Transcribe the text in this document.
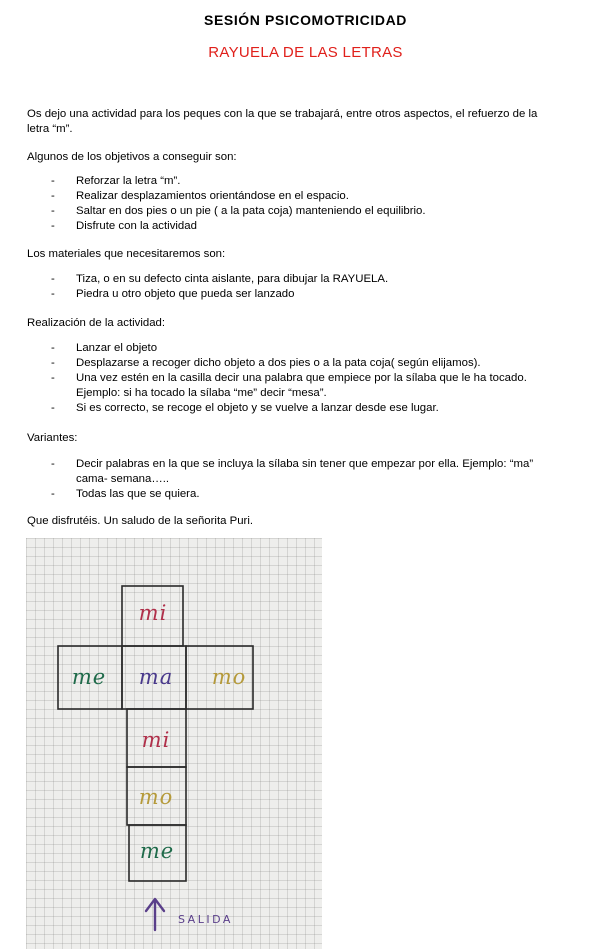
SESIÓN PSICOMOTRICIDAD
RAYUELA DE LAS LETRAS
Os dejo una actividad para los peques con la que se trabajará, entre otros aspectos, el refuerzo de la
letra “m”.
Algunos de los objetivos a conseguir son:
- Reforzar la letra “m”.
- Realizar desplazamientos orientándose en el espacio.
- Saltar en dos pies o un pie ( a la pata coja) manteniendo el equilibrio.
- Disfrute con la actividad
Los materiales que necesitaremos son:
- Tiza, o en su defecto cinta aislante, para dibujar la RAYUELA.
- Piedra u otro objeto que pueda ser lanzado
Realización de la actividad:
- Lanzar el objeto
- Desplazarse a recoger dicho objeto a dos pies o a la pata coja( según elijamos).
- Una vez estén en la casilla decir una palabra que empiece por la sílaba que le ha tocado.
Ejemplo: si ha tocado la sílaba “me” decir “mesa”.
- Si es correcto, se recoge el objeto y se vuelve a lanzar desde ese lugar.
Variantes:
- Decir palabras en la que se incluya la sílaba sin tener que empezar por ella. Ejemplo: “ma”
cama- semana…..
- Todas las que se quiera.
Que disfrutéis. Un saludo de la señorita Puri.
mi
me ma mo
mi
mo
me
SALIDA
